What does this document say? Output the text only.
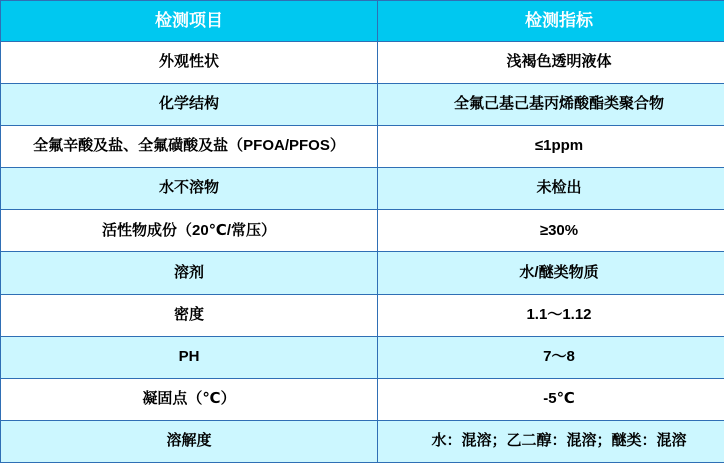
检测项目	检测指标
外观性状	浅褐色透明液体
化学结构	全氟己基己基丙烯酸酯类聚合物
全氟辛酸及盐、全氟磺酸及盐（PFOA/PFOS）	≤1ppm
水不溶物	未检出
活性物成份（20℃/常压）	≥30%
溶剂	水/醚类物质
密度	1.1～1.12
PH	7～8
凝固点（℃）	-5℃
溶解度	水：混溶；乙二醇：混溶；醚类：混溶
